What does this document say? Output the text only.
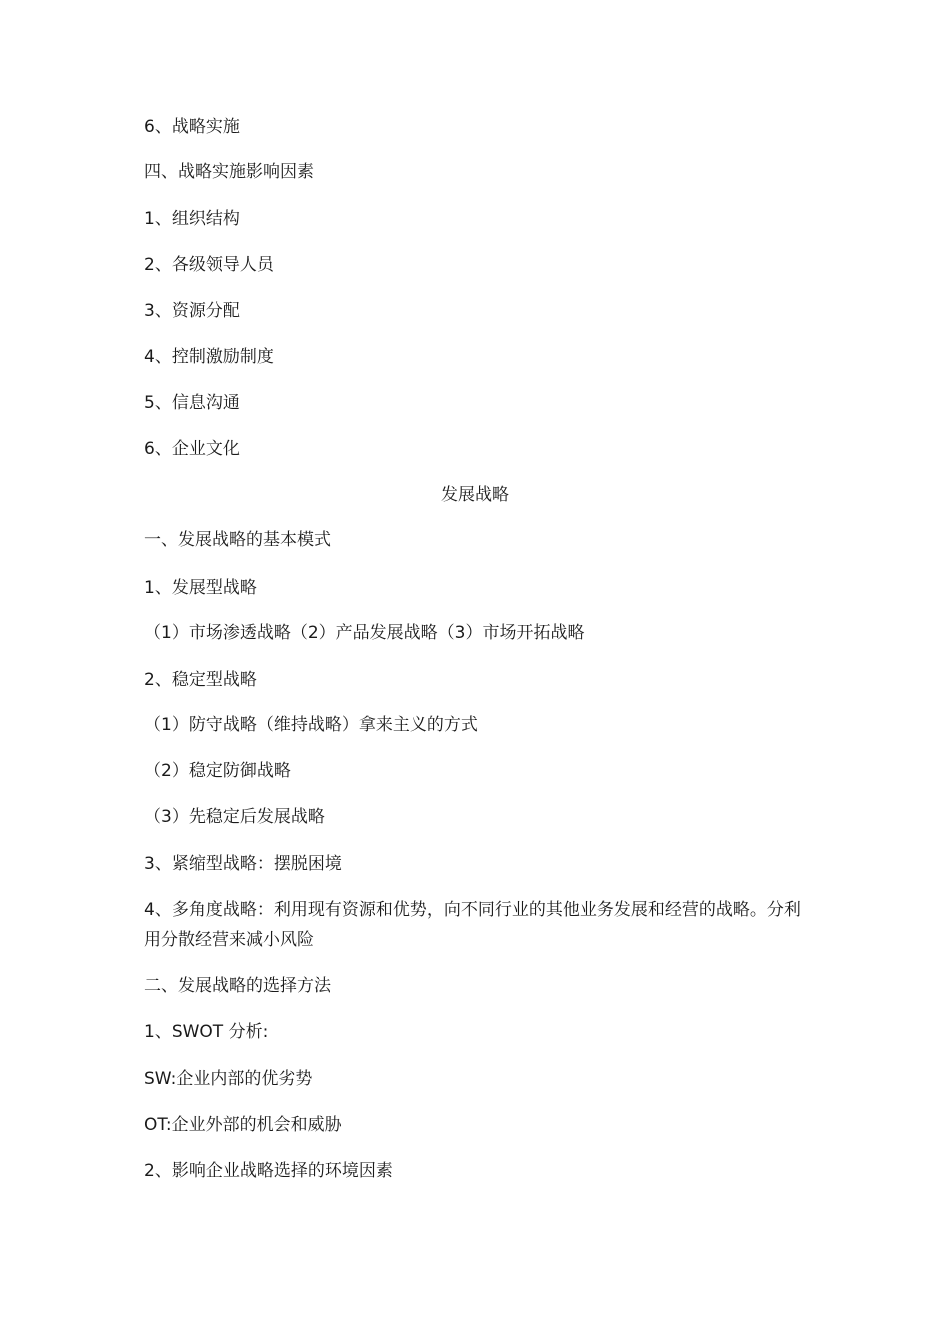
6、战略实施

四、战略实施影响因素

1、组织结构

2、各级领导人员

3、资源分配

4、控制激励制度

5、信息沟通

6、企业文化

发展战略

一、发展战略的基本模式

1、发展型战略

（1）市场渗透战略（2）产品发展战略（3）市场开拓战略

2、稳定型战略

（1）防守战略（维持战略）拿来主义的方式

（2）稳定防御战略

（3）先稳定后发展战略

3、紧缩型战略：摆脱困境

4、多角度战略：利用现有资源和优势，向不同行业的其他业务发展和经营的战略。分利用分散经营来减小风险

二、发展战略的选择方法

1、SWOT 分析:

SW:企业内部的优劣势

OT:企业外部的机会和威胁

2、影响企业战略选择的环境因素
